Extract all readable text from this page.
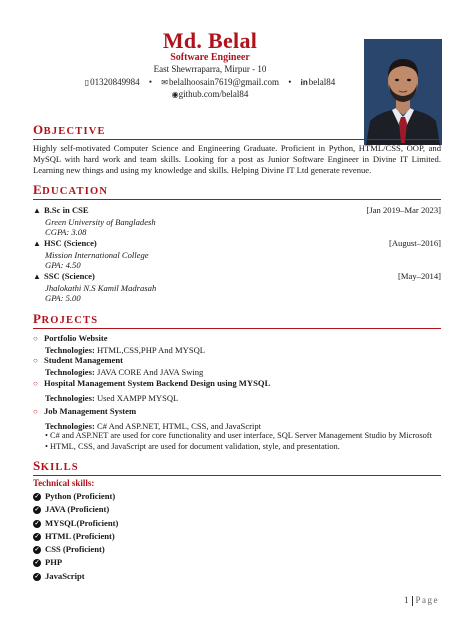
Md. Belal
Software Engineer
East Shewrraparra, Mirpur - 10
▯01320849984 • ✉belalhoosain7619@gmail.com • inbelal84
◉github.com/belal84
OBJECTIVE
Highly self-motivated Computer Science and Engineering Graduate. Proficient in Python, HTML/CSS, OOP, and MySQL with hard work and team skills. Looking for a post as Junior Software Engineer in Divine IT Limited. Learning new things and using my knowledge and skills. Helping Divine IT Ltd generate revenue.
EDUCATION
▲ B.Sc in CSE	[Jan 2019–Mar 2023]
Green University of Bangladesh
CGPA: 3.08
▲ HSC (Science)	[August–2016]
Mission International College
GPA: 4.50
▲ SSC (Science)	[May–2014]
Jhalokathi N.S Kamil Madrasah
GPA: 5.00
PROJECTS
○ Portfolio Website
Technologies: HTML,CSS,PHP And MYSQL
○ Student Management
Technologies: JAVA CORE And JAVA Swing
○ Hospital Management System Backend Design using MYSQL
Technologies: Used XAMPP MYSQL
○ Job Management System
Technologies: C# And ASP.NET, HTML, CSS, and JavaScript
• C# and ASP.NET are used for core functionality and user interface, SQL Server Management Studio by Microsoft
• HTML, CSS, and JavaScript are used for document validation, style, and presentation.
SKILLS
Technical skills:
✓ Python (Proficient)
✓ JAVA (Proficient)
✓ MYSQL(Proficient)
✓ HTML (Proficient)
✓ CSS (Proficient)
✓ PHP
✓ JavaScript
1 Page
